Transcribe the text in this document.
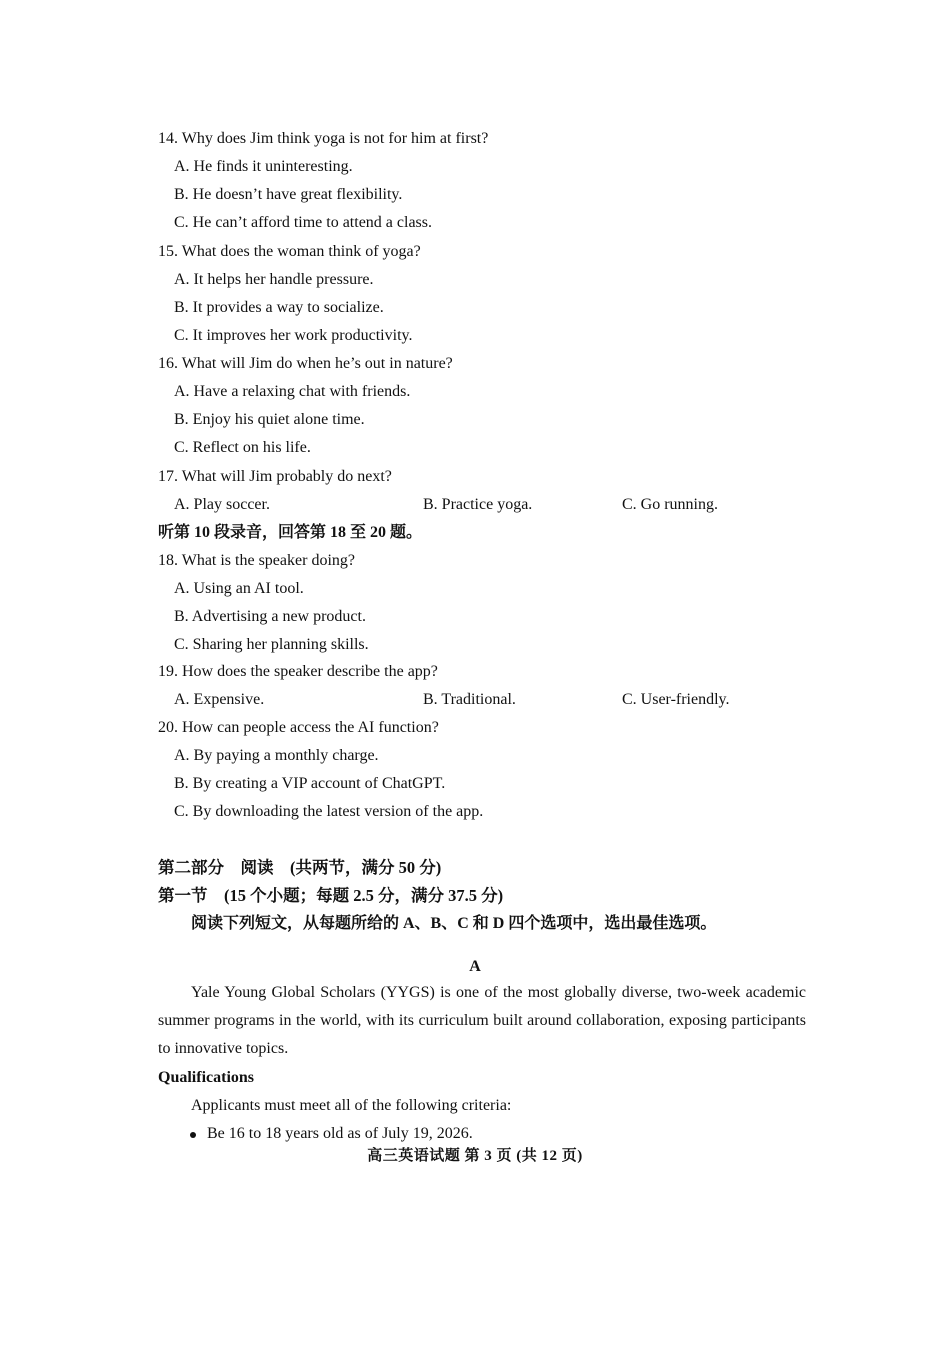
14. Why does Jim think yoga is not for him at first?
A. He finds it uninteresting.
B. He doesn’t have great flexibility.
C. He can’t afford time to attend a class.
15. What does the woman think of yoga?
A. It helps her handle pressure.
B. It provides a way to socialize.
C. It improves her work productivity.
16. What will Jim do when he’s out in nature?
A. Have a relaxing chat with friends.
B. Enjoy his quiet alone time.
C. Reflect on his life.
17. What will Jim probably do next?
A. Play soccer.	B. Practice yoga.	C. Go running.
听第 10 段录音，回答第 18 至 20 题。
18. What is the speaker doing?
A. Using an AI tool.
B. Advertising a new product.
C. Sharing her planning skills.
19. How does the speaker describe the app?
A. Expensive.	B. Traditional.	C. User-friendly.
20. How can people access the AI function?
A. By paying a monthly charge.
B. By creating a VIP account of ChatGPT.
C. By downloading the latest version of the app.
第二部分　阅读　(共两节，满分 50 分)
第一节　(15 个小题；每题 2.5 分，满分 37.5 分)
阅读下列短文，从每题所给的 A、B、C 和 D 四个选项中，选出最佳选项。
A
Yale Young Global Scholars (YYGS) is one of the most globally diverse, two-week academic summer programs in the world, with its curriculum built around collaboration, exposing participants to innovative topics.
Qualifications
Applicants must meet all of the following criteria:
Be 16 to 18 years old as of July 19, 2026.
高三英语试题 第 3 页 (共 12 页)
